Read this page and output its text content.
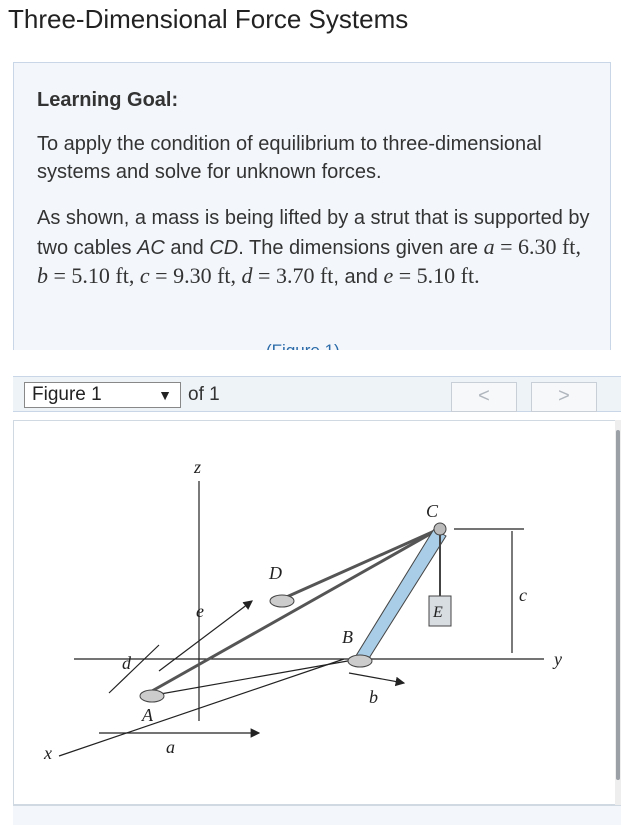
Three-Dimensional Force Systems
Learning Goal:
To apply the condition of equilibrium to three-dimensional systems and solve for unknown forces.
As shown, a mass is being lifted by a strut that is supported by two cables AC and CD. The dimensions given are a = 6.30 ft, b = 5.10 ft, c = 9.30 ft, d = 3.70 ft, and e = 5.10 ft.
Figure 1	▼ of 1	<	>
x
y
z
A
B
C
D
E
a
b
c
d
e
